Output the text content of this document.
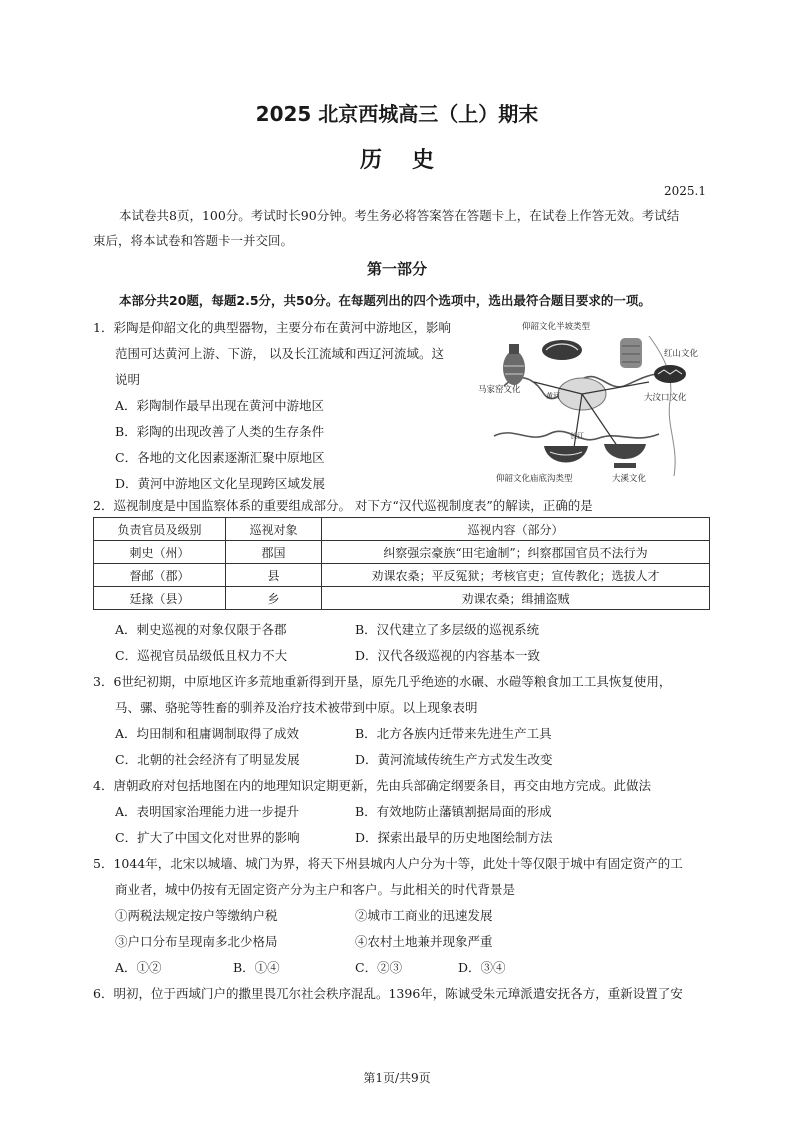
2025 北京西城高三（上）期末
历史
2025.1
本试卷共8页，100分。考试时长90分钟。考生务必将答案答在答题卡上，在试卷上作答无效。考试结
束后，将本试卷和答题卡一并交回。
第一部分
本部分共20题，每题2.5分，共50分。在每题列出的四个选项中，选出最符合题目要求的一项。
1．彩陶是仰韶文化的典型器物，主要分布在黄河中游地区，影响
范围可达黄河上游、下游， 以及长江流域和西辽河流域。这
说明
A．彩陶制作最早出现在黄河中游地区
B．彩陶的出现改善了人类的生存条件
C．各地的文化因素逐渐汇聚中原地区
D．黄河中游地区文化呈现跨区域发展
仰韶文化半坡类型
红山文化
马家窑文化
大汶口文化
黄河
长江
仰韶文化庙底沟类型	大溪文化
2．巡视制度是中国监察体系的重要组成部分。 对下方“汉代巡视制度表”的解读，正确的是
负责官员及级别	巡视对象	巡视内容（部分）
刺史（州）	郡国	纠察强宗豪族“田宅逾制”；纠察郡国官员不法行为
督邮（郡）	县	劝课农桑；平反冤狱；考核官吏；宣传教化；选拔人才
廷掾（县）	乡	劝课农桑；缉捕盗贼
A．刺史巡视的对象仅限于各郡	B．汉代建立了多层级的巡视系统
C．巡视官员品级低且权力不大	D．汉代各级巡视的内容基本一致
3．6世纪初期，中原地区许多荒地重新得到开垦，原先几乎绝迹的水碾、水磑等粮食加工工具恢复使用，
马、骡、骆驼等牲畜的驯养及治疗技术被带到中原。以上现象表明
A．均田制和租庸调制取得了成效	B．北方各族内迁带来先进生产工具
C．北朝的社会经济有了明显发展	D．黄河流域传统生产方式发生改变
4．唐朝政府对包括地图在内的地理知识定期更新，先由兵部确定纲要条目，再交由地方完成。此做法
A．表明国家治理能力进一步提升	B．有效地防止藩镇割据局面的形成
C．扩大了中国文化对世界的影响	D．探索出最早的历史地图绘制方法
5．1044年，北宋以城墙、城门为界，将天下州县城内人户分为十等，此处十等仅限于城中有固定资产的工
商业者，城中仍按有无固定资产分为主户和客户。与此相关的时代背景是
①两税法规定按户等缴纳户税	②城市工商业的迅速发展
③户口分布呈现南多北少格局	④农村土地兼并现象严重
A．①②	B．①④	C．②③	D．③④
6．明初，位于西域门户的撒里畏兀尔社会秩序混乱。1396年，陈诚受朱元璋派遣安抚各方，重新设置了安
第1页/共9页
